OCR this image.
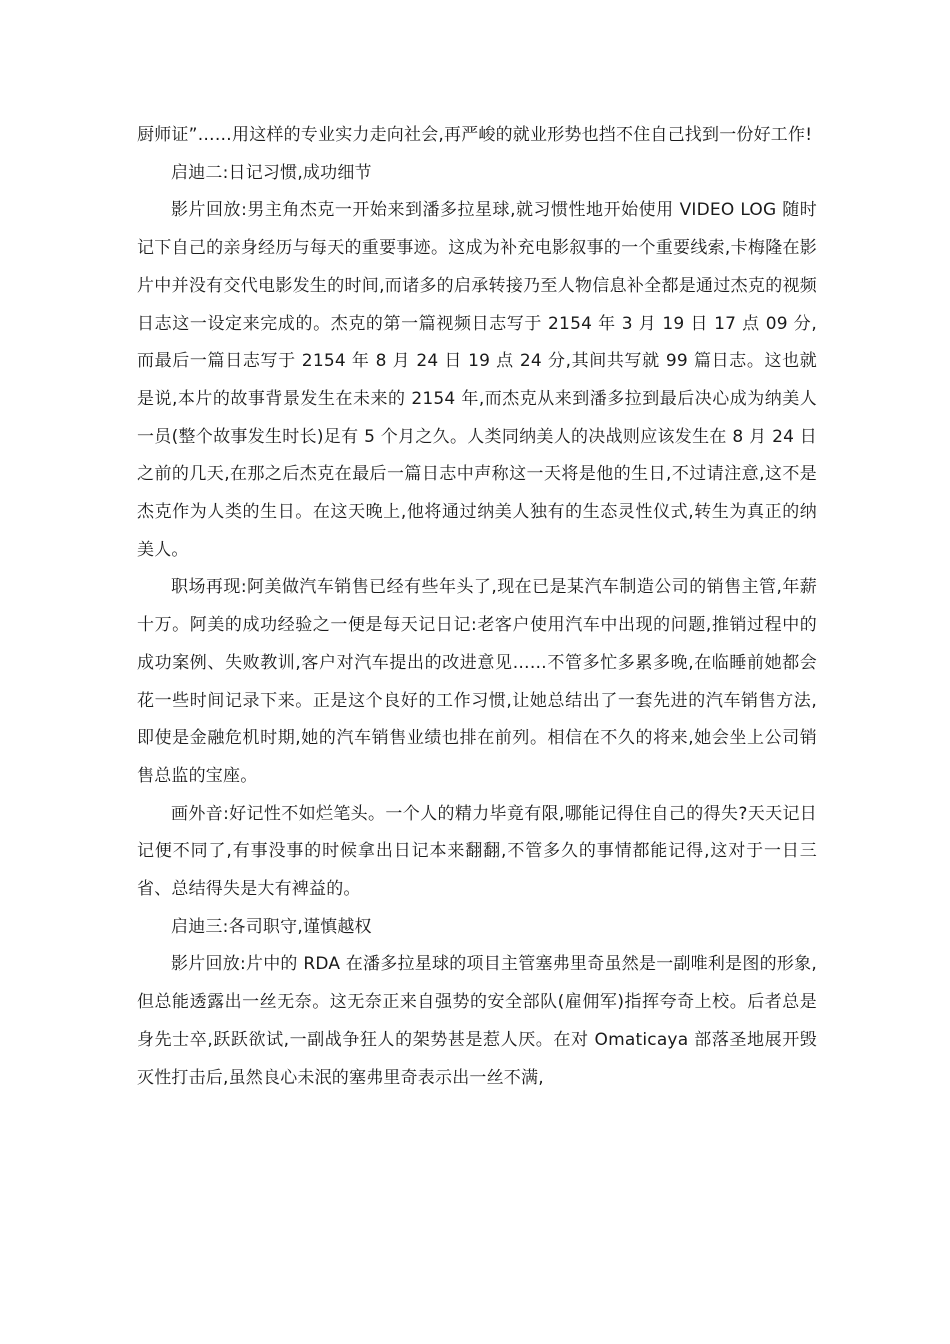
厨师证”……用这样的专业实力走向社会,再严峻的就业形势也挡不住自己找到一份好工作!

启迪二:日记习惯,成功细节

影片回放:男主角杰克一开始来到潘多拉星球,就习惯性地开始使用 VIDEO LOG 随时记下自己的亲身经历与每天的重要事迹。这成为补充电影叙事的一个重要线索,卡梅隆在影片中并没有交代电影发生的时间,而诸多的启承转接乃至人物信息补全都是通过杰克的视频日志这一设定来完成的。杰克的第一篇视频日志写于 2154 年 3 月 19 日 17 点 09 分,而最后一篇日志写于 2154 年 8 月 24 日 19 点 24 分,其间共写就 99 篇日志。这也就是说,本片的故事背景发生在未来的 2154 年,而杰克从来到潘多拉到最后决心成为纳美人一员(整个故事发生时长)足有 5 个月之久。人类同纳美人的决战则应该发生在 8 月 24 日之前的几天,在那之后杰克在最后一篇日志中声称这一天将是他的生日,不过请注意,这不是杰克作为人类的生日。在这天晚上,他将通过纳美人独有的生态灵性仪式,转生为真正的纳美人。

职场再现:阿美做汽车销售已经有些年头了,现在已是某汽车制造公司的销售主管,年薪十万。阿美的成功经验之一便是每天记日记:老客户使用汽车中出现的问题,推销过程中的成功案例、失败教训,客户对汽车提出的改进意见……不管多忙多累多晚,在临睡前她都会花一些时间记录下来。正是这个良好的工作习惯,让她总结出了一套先进的汽车销售方法,即使是金融危机时期,她的汽车销售业绩也排在前列。相信在不久的将来,她会坐上公司销售总监的宝座。

画外音:好记性不如烂笔头。一个人的精力毕竟有限,哪能记得住自己的得失?天天记日记便不同了,有事没事的时候拿出日记本来翻翻,不管多久的事情都能记得,这对于一日三省、总结得失是大有裨益的。

启迪三:各司职守,谨慎越权

影片回放:片中的 RDA 在潘多拉星球的项目主管塞弗里奇虽然是一副唯利是图的形象,但总能透露出一丝无奈。这无奈正来自强势的安全部队(雇佣军)指挥夸奇上校。后者总是身先士卒,跃跃欲试,一副战争狂人的架势甚是惹人厌。在对 Omaticaya 部落圣地展开毁灭性打击后,虽然良心未泯的塞弗里奇表示出一丝不满,
